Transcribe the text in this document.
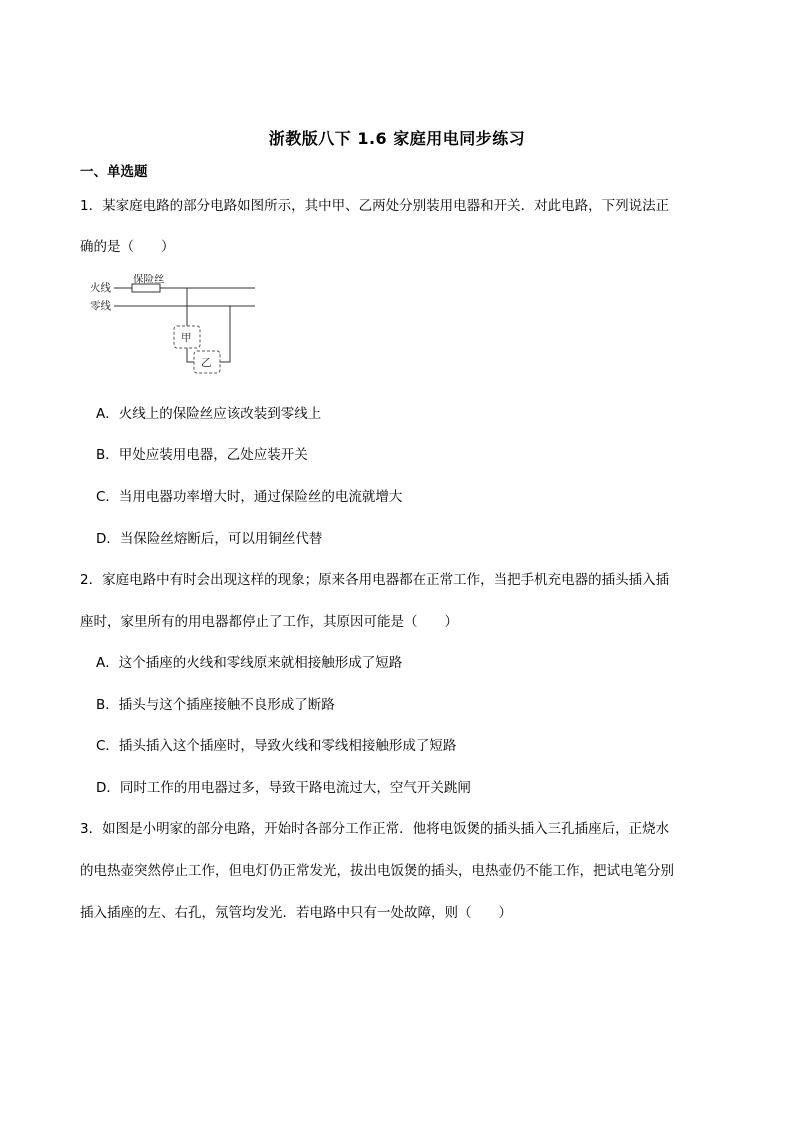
浙教版八下 1.6 家庭用电同步练习
一、单选题
1．某家庭电路的部分电路如图所示，其中甲、乙两处分别装用电器和开关．对此电路，下列说法正
确的是（　　）
火线
零线
保险丝
甲
乙
A．火线上的保险丝应该改装到零线上
B．甲处应装用电器，乙处应装开关
C．当用电器功率增大时，通过保险丝的电流就增大
D．当保险丝熔断后，可以用铜丝代替
2．家庭电路中有时会出现这样的现象；原来各用电器都在正常工作，当把手机充电器的插头插入插
座时，家里所有的用电器都停止了工作，其原因可能是（　　）
A．这个插座的火线和零线原来就相接触形成了短路
B．插头与这个插座接触不良形成了断路
C．插头插入这个插座时，导致火线和零线相接触形成了短路
D．同时工作的用电器过多，导致干路电流过大，空气开关跳闸
3．如图是小明家的部分电路，开始时各部分工作正常．他将电饭煲的插头插入三孔插座后，正烧水
的电热壶突然停止工作，但电灯仍正常发光，拔出电饭煲的插头，电热壶仍不能工作，把试电笔分别
插入插座的左、右孔，氖管均发光．若电路中只有一处故障，则（　　）
